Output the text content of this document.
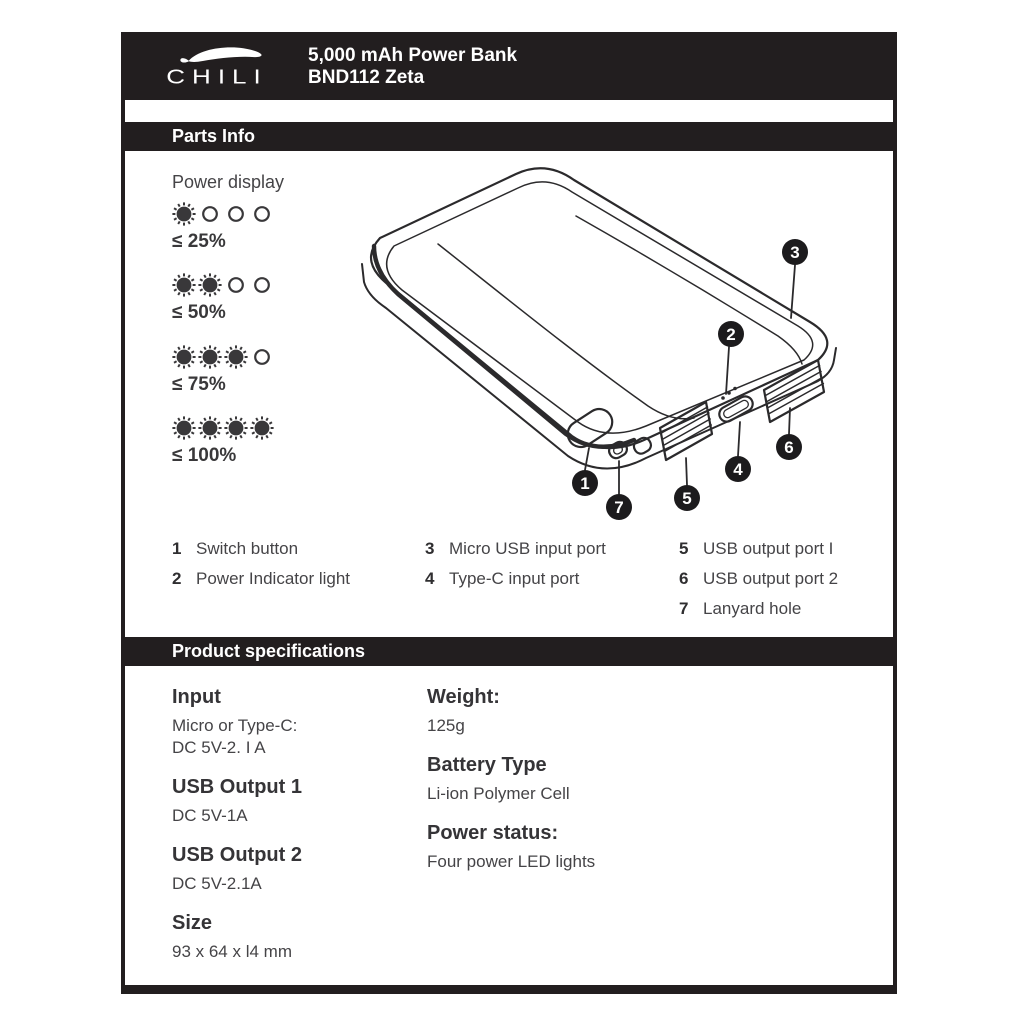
CHILI
5,000 mAh Power Bank
BND112 Zeta
Parts Info
Power display
≤ 25%
≤ 50%
≤ 75%
≤ 100%
1
2
3
4
5
6
7
1 Switch button
2 Power Indicator light
3 Micro USB input port
4 Type-C input port
5 USB output port I
6 USB output port 2
7 Lanyard hole
Product specifications
Input
Micro or Type-C:
DC 5V-2. I A
USB Output 1
DC 5V-1A
USB Output 2
DC 5V-2.1A
Size
93 x 64 x l4 mm
Weight:
125g
Battery Type
Li-ion Polymer Cell
Power status:
Four power LED lights
